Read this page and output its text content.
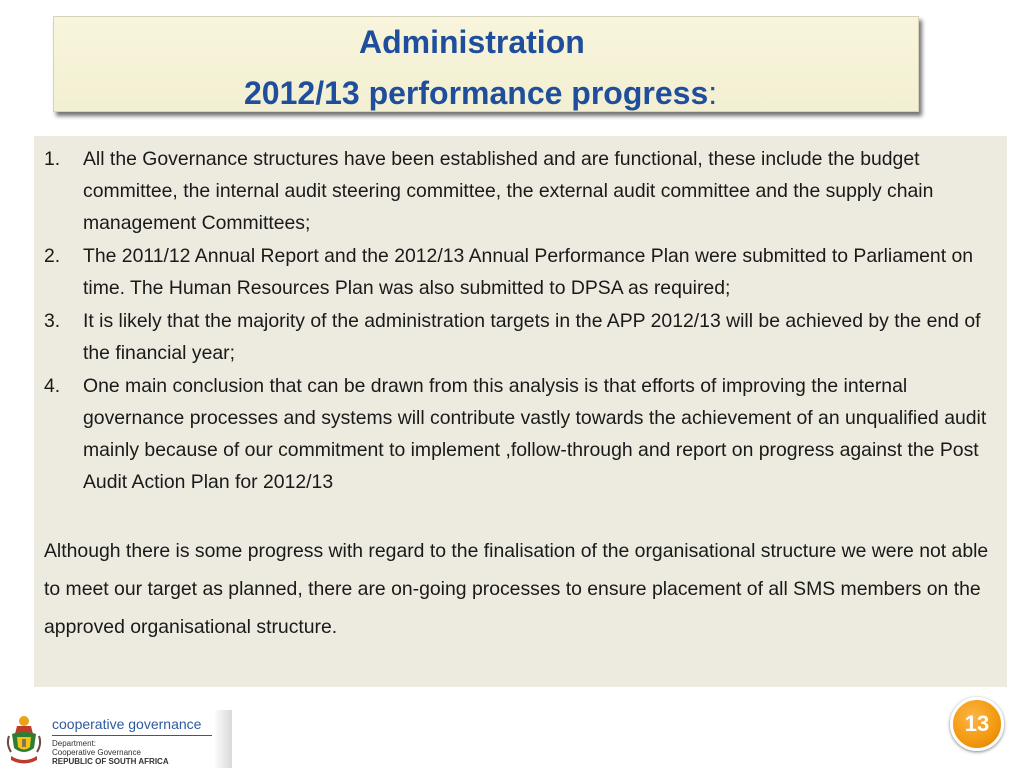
Administration
2012/13 performance progress:
1. All the Governance structures have been established and are functional, these include the budget committee, the internal audit steering committee, the external audit committee and the supply chain management Committees;
2. The 2011/12 Annual Report and the 2012/13 Annual Performance Plan were submitted to Parliament on time. The Human Resources Plan was also submitted to DPSA as required;
3. It is likely that the majority of the administration targets in the APP 2012/13 will be achieved by the end of the financial year;
4. One main conclusion that can be drawn from this analysis is that efforts of improving the internal governance processes and systems will contribute vastly towards the achievement of an unqualified audit mainly because of our commitment to implement ,follow-through and report on progress against the Post Audit Action Plan for 2012/13

Although there is some progress with regard to the finalisation of the organisational structure we were not able to meet our target as planned, there are on-going processes to ensure placement of all SMS members on the approved organisational structure.

cooperative governance
Department:
Cooperative Governance
REPUBLIC OF SOUTH AFRICA
13
